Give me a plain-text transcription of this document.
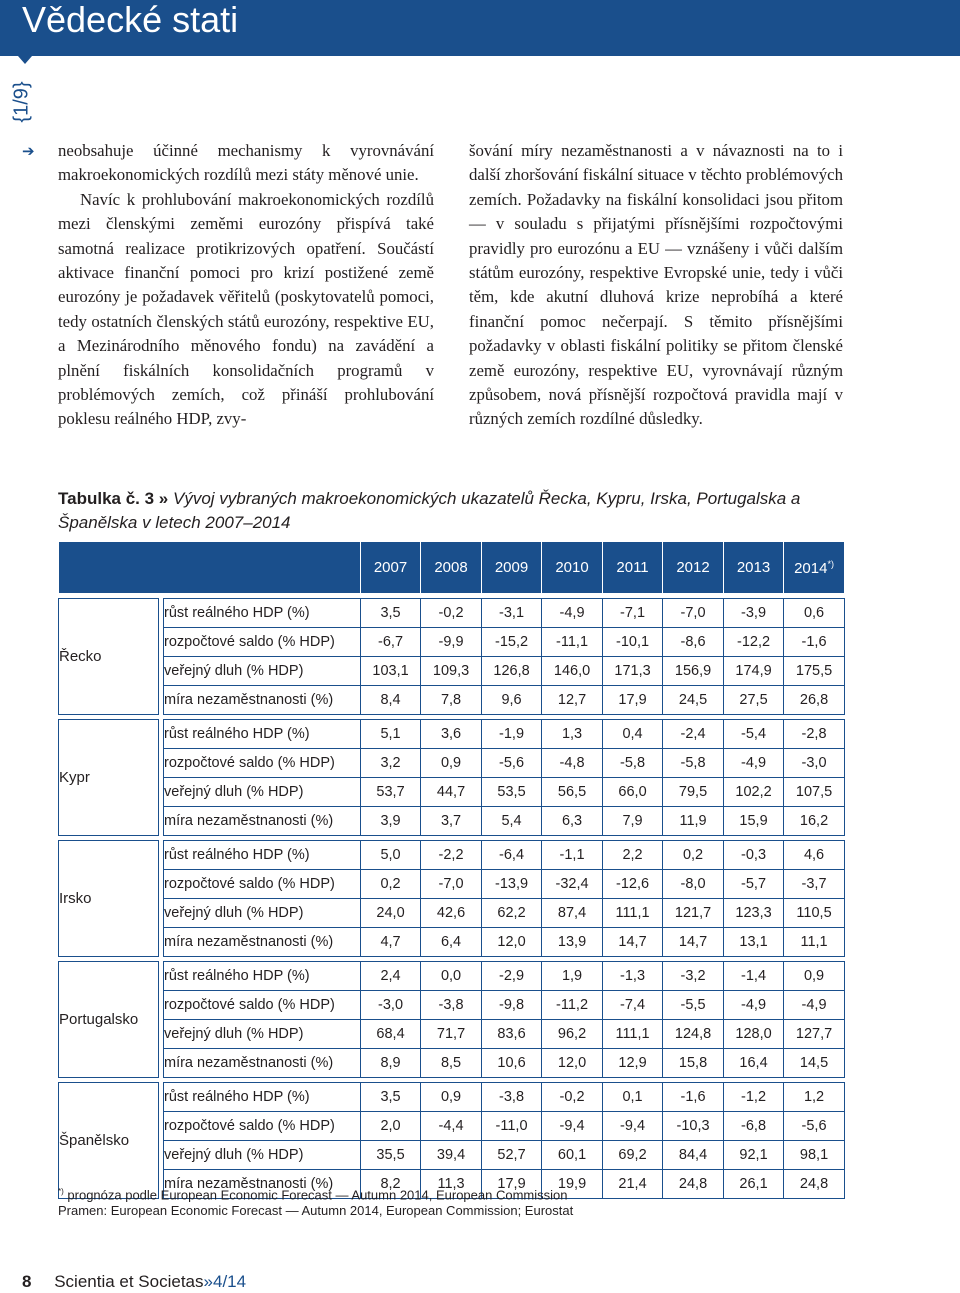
Vědecké stati
{1/9}
➔ neobsahuje účinné mechanismy k vyrovnávání makroekonomických rozdílů mezi státy měnové unie.

Navíc k prohlubování makroekonomických rozdílů mezi členskými zeměmi eurozóny přispívá také samotná realizace protikrizových opatření. Součástí aktivace finanční pomoci pro krizí postižené země eurozóny je požadavek věřitelů (poskytovatelů pomoci, tedy ostatních členských států eurozóny, respektive EU, a Mezinárodního měnového fondu) na zavádění a plnění fiskálních konsolidačních programů v problémových zemích, což přináší prohlubování poklesu reálného HDP, zvy-

šování míry nezaměstnanosti a v návaznosti na to i další zhoršování fiskální situace v těchto problémových zemích. Požadavky na fiskální konsolidaci jsou přitom — v souladu s přijatými přísnějšími rozpočtovými pravidly pro eurozónu a EU — vznášeny i vůči dalším státům eurozóny, respektive Evropské unie, tedy i vůči těm, kde akutní dluhová krize neprobíhá a které finanční pomoc nečerpají. S těmito přísnějšími požadavky v oblasti fiskální politiky se přitom členské země eurozóny, respektive EU, vyrovnávají různým způsobem, nová přísnější rozpočtová pravidla mají v různých zemích rozdílné důsledky.

Tabulka č. 3 » Vývoj vybraných makroekonomických ukazatelů Řecka, Kypru, Irska, Portugalska a Španělska v letech 2007–2014
			2007	2008	2009	2010	2011	2012	2013	2014*)

Řecko		růst reálného HDP (%)	3,5	-0,2	-3,1	-4,9	-7,1	-7,0	-3,9	0,6
		rozpočtové saldo (% HDP)	-6,7	-9,9	-15,2	-11,1	-10,1	-8,6	-12,2	-1,6
		veřejný dluh (% HDP)	103,1	109,3	126,8	146,0	171,3	156,9	174,9	175,5
		míra nezaměstnanosti (%)	8,4	7,8	9,6	12,7	17,9	24,5	27,5	26,8

Kypr		růst reálného HDP (%)	5,1	3,6	-1,9	1,3	0,4	-2,4	-5,4	-2,8
		rozpočtové saldo (% HDP)	3,2	0,9	-5,6	-4,8	-5,8	-5,8	-4,9	-3,0
		veřejný dluh (% HDP)	53,7	44,7	53,5	56,5	66,0	79,5	102,2	107,5
		míra nezaměstnanosti (%)	3,9	3,7	5,4	6,3	7,9	11,9	15,9	16,2

Irsko		růst reálného HDP (%)	5,0	-2,2	-6,4	-1,1	2,2	0,2	-0,3	4,6
		rozpočtové saldo (% HDP)	0,2	-7,0	-13,9	-32,4	-12,6	-8,0	-5,7	-3,7
		veřejný dluh (% HDP)	24,0	42,6	62,2	87,4	111,1	121,7	123,3	110,5
		míra nezaměstnanosti (%)	4,7	6,4	12,0	13,9	14,7	14,7	13,1	11,1

Portugalsko		růst reálného HDP (%)	2,4	0,0	-2,9	1,9	-1,3	-3,2	-1,4	0,9
		rozpočtové saldo (% HDP)	-3,0	-3,8	-9,8	-11,2	-7,4	-5,5	-4,9	-4,9
		veřejný dluh (% HDP)	68,4	71,7	83,6	96,2	111,1	124,8	128,0	127,7
		míra nezaměstnanosti (%)	8,9	8,5	10,6	12,0	12,9	15,8	16,4	14,5

Španělsko		růst reálného HDP (%)	3,5	0,9	-3,8	-0,2	0,1	-1,6	-1,2	1,2
		rozpočtové saldo (% HDP)	2,0	-4,4	-11,0	-9,4	-9,4	-10,3	-6,8	-5,6
		veřejný dluh (% HDP)	35,5	39,4	52,7	60,1	69,2	84,4	92,1	98,1
		míra nezaměstnanosti (%)	8,2	11,3	17,9	19,9	21,4	24,8	26,1	24,8
*) prognóza podle European Economic Forecast — Autumn 2014, European Commission
Pramen: European Economic Forecast — Autumn 2014, European Commission; Eurostat
8 Scientia et Societas»4/14
